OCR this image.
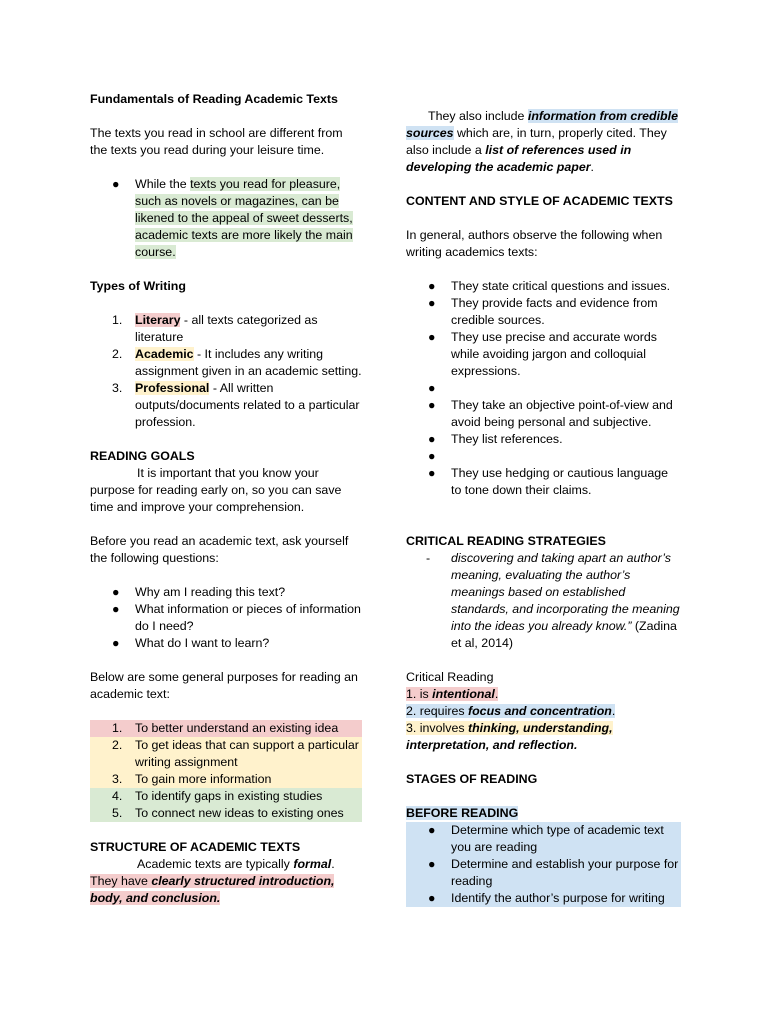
Fundamentals of Reading Academic Texts

The texts you read in school are different from the texts you read during your leisure time.

● While the texts you read for pleasure, such as novels or magazines, can be likened to the appeal of sweet desserts, academic texts are more likely the main course.

Types of Writing

1. Literary - all texts categorized as literature
2. Academic - It includes any writing assignment given in an academic setting.
3. Professional - All written outputs/documents related to a particular profession.

READING GOALS

It is important that you know your purpose for reading early on, so you can save time and improve your comprehension.

Before you read an academic text, ask yourself the following questions:

● Why am I reading this text?
● What information or pieces of information do I need?
● What do I want to learn?

Below are some general purposes for reading an academic text:

1. To better understand an existing idea
2. To get ideas that can support a particular writing assignment
3. To gain more information
4. To identify gaps in existing studies
5. To connect new ideas to existing ones

STRUCTURE OF ACADEMIC TEXTS

Academic texts are typically formal.

They have clearly structured introduction, body, and conclusion.

They also include information from credible sources which are, in turn, properly cited. They also include a list of references used in developing the academic paper.

CONTENT AND STYLE OF ACADEMIC TEXTS

In general, authors observe the following when writing academics texts:

● They state critical questions and issues.
● They provide facts and evidence from credible sources.
● They use precise and accurate words while avoiding jargon and colloquial expressions.
●
● They take an objective point-of-view and avoid being personal and subjective.
● They list references.
●
● They use hedging or cautious language to tone down their claims.

CRITICAL READING STRATEGIES

- discovering and taking apart an author’s meaning, evaluating the author’s meanings based on established standards, and incorporating the meaning into the ideas you already know.” (Zadina et al, 2014)

Critical Reading

1. is intentional.

2. requires focus and concentration.

3. involves thinking, understanding,
interpretation, and reflection.

STAGES OF READING

BEFORE READING

● Determine which type of academic text you are reading
● Determine and establish your purpose for reading
● Identify the author’s purpose for writing
